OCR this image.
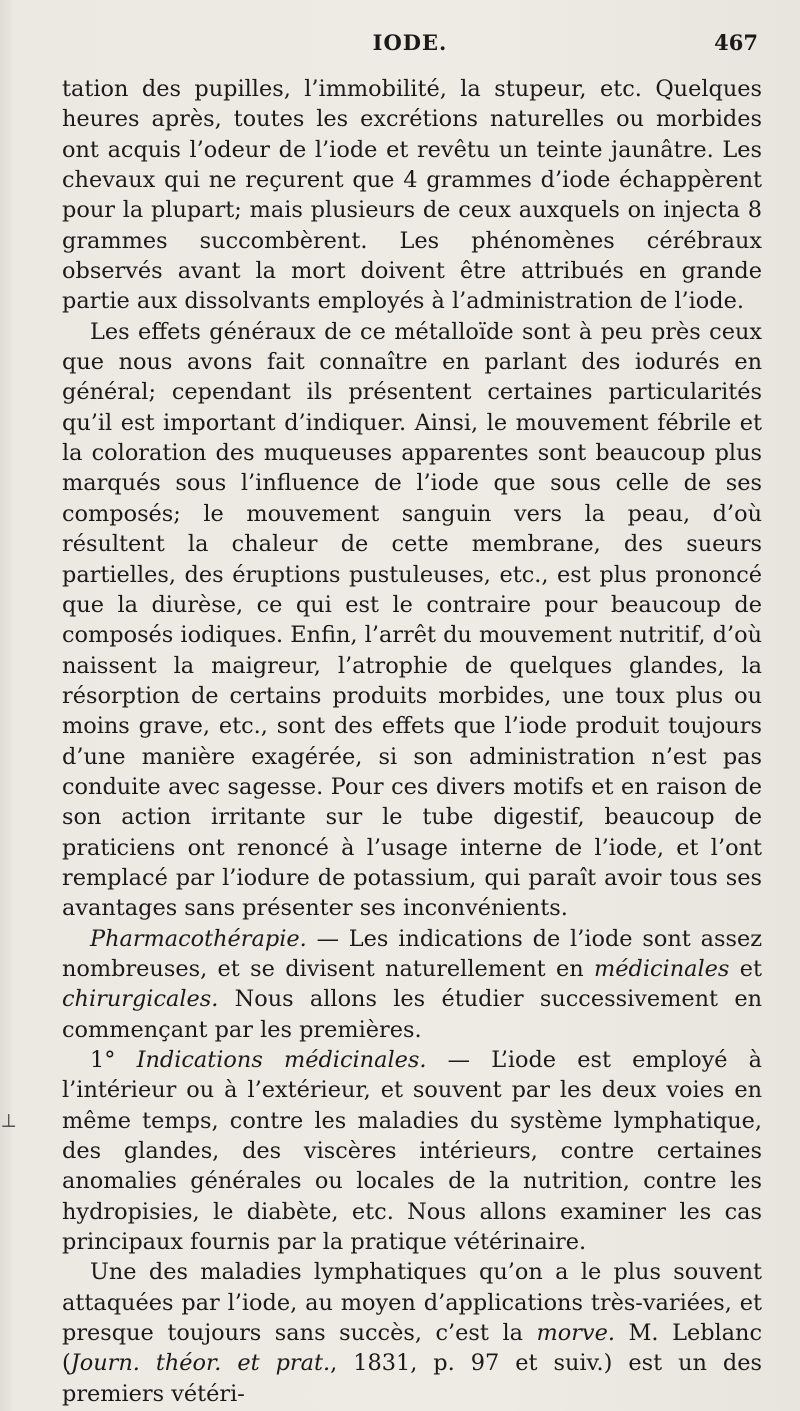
IODE.	467

tation des pupilles, l’immobilité, la stupeur, etc. Quelques heures après, toutes les excrétions naturelles ou morbides ont acquis l’odeur de l’iode et revêtu un teinte jaunâtre. Les chevaux qui ne reçurent que 4 grammes d’iode échappèrent pour la plupart; mais plusieurs de ceux auxquels on injecta 8 grammes succombèrent. Les phénomènes cérébraux observés avant la mort doivent être attribués en grande partie aux dissolvants employés à l’administration de l’iode.

Les effets généraux de ce métalloïde sont à peu près ceux que nous avons fait connaître en parlant des iodurés en général; cependant ils présentent certaines particularités qu’il est important d’indiquer. Ainsi, le mouvement fébrile et la coloration des muqueuses apparentes sont beaucoup plus marqués sous l’influence de l’iode que sous celle de ses composés; le mouvement sanguin vers la peau, d’où résultent la chaleur de cette membrane, des sueurs partielles, des éruptions pustuleuses, etc., est plus prononcé que la diurèse, ce qui est le contraire pour beaucoup de composés iodiques. Enfin, l’arrêt du mouvement nutritif, d’où naissent la maigreur, l’atrophie de quelques glandes, la résorption de certains produits morbides, une toux plus ou moins grave, etc., sont des effets que l’iode produit toujours d’une manière exagérée, si son administration n’est pas conduite avec sagesse. Pour ces divers motifs et en raison de son action irritante sur le tube digestif, beaucoup de praticiens ont renoncé à l’usage interne de l’iode, et l’ont remplacé par l’iodure de potassium, qui paraît avoir tous ses avantages sans présenter ses inconvénients.

Pharmacothérapie. — Les indications de l’iode sont assez nombreuses, et se divisent naturellement en médicinales et chirurgicales. Nous allons les étudier successivement en commençant par les premières.

1° Indications médicinales. — L’iode est employé à l’intérieur ou à l’extérieur, et souvent par les deux voies en même temps, contre les maladies du système lymphatique, des glandes, des viscères intérieurs, contre certaines anomalies générales ou locales de la nutrition, contre les hydropisies, le diabète, etc. Nous allons examiner les cas principaux fournis par la pratique vétérinaire.

Une des maladies lymphatiques qu’on a le plus souvent attaquées par l’iode, au moyen d’applications très-variées, et presque toujours sans succès, c’est la morve. M. Leblanc (Journ. théor. et prat., 1831, p. 97 et suiv.) est un des premiers vétéri-

⟂
